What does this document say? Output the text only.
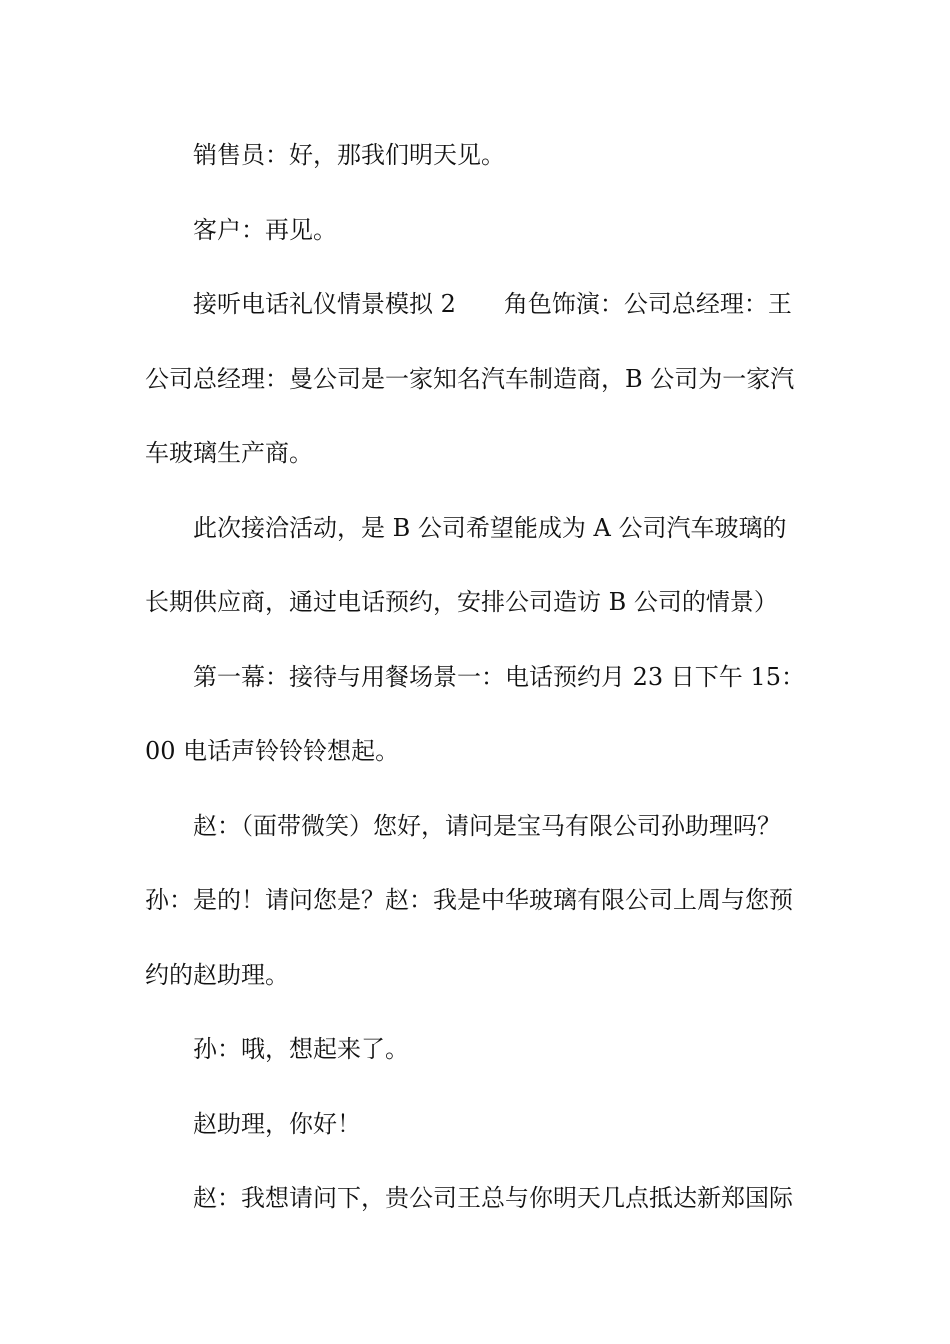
销售员：好，那我们明天见。

客户：再见。

接听电话礼仪情景模拟 2　　角色饰演：公司总经理：王公司总经理：曼公司是一家知名汽车制造商，B 公司为一家汽车玻璃生产商。

此次接洽活动，是 B 公司希望能成为 A 公司汽车玻璃的长期供应商，通过电话预约，安排公司造访 B 公司的情景）

第一幕：接待与用餐场景一：电话预约月 23 日下午 15：00 电话声铃铃铃想起。

赵：（面带微笑）您好，请问是宝马有限公司孙助理吗？孙：是的！请问您是？赵：我是中华玻璃有限公司上周与您预约的赵助理。

孙：哦，想起来了。

赵助理，你好！

赵：我想请问下，贵公司王总与你明天几点抵达新郑国际
